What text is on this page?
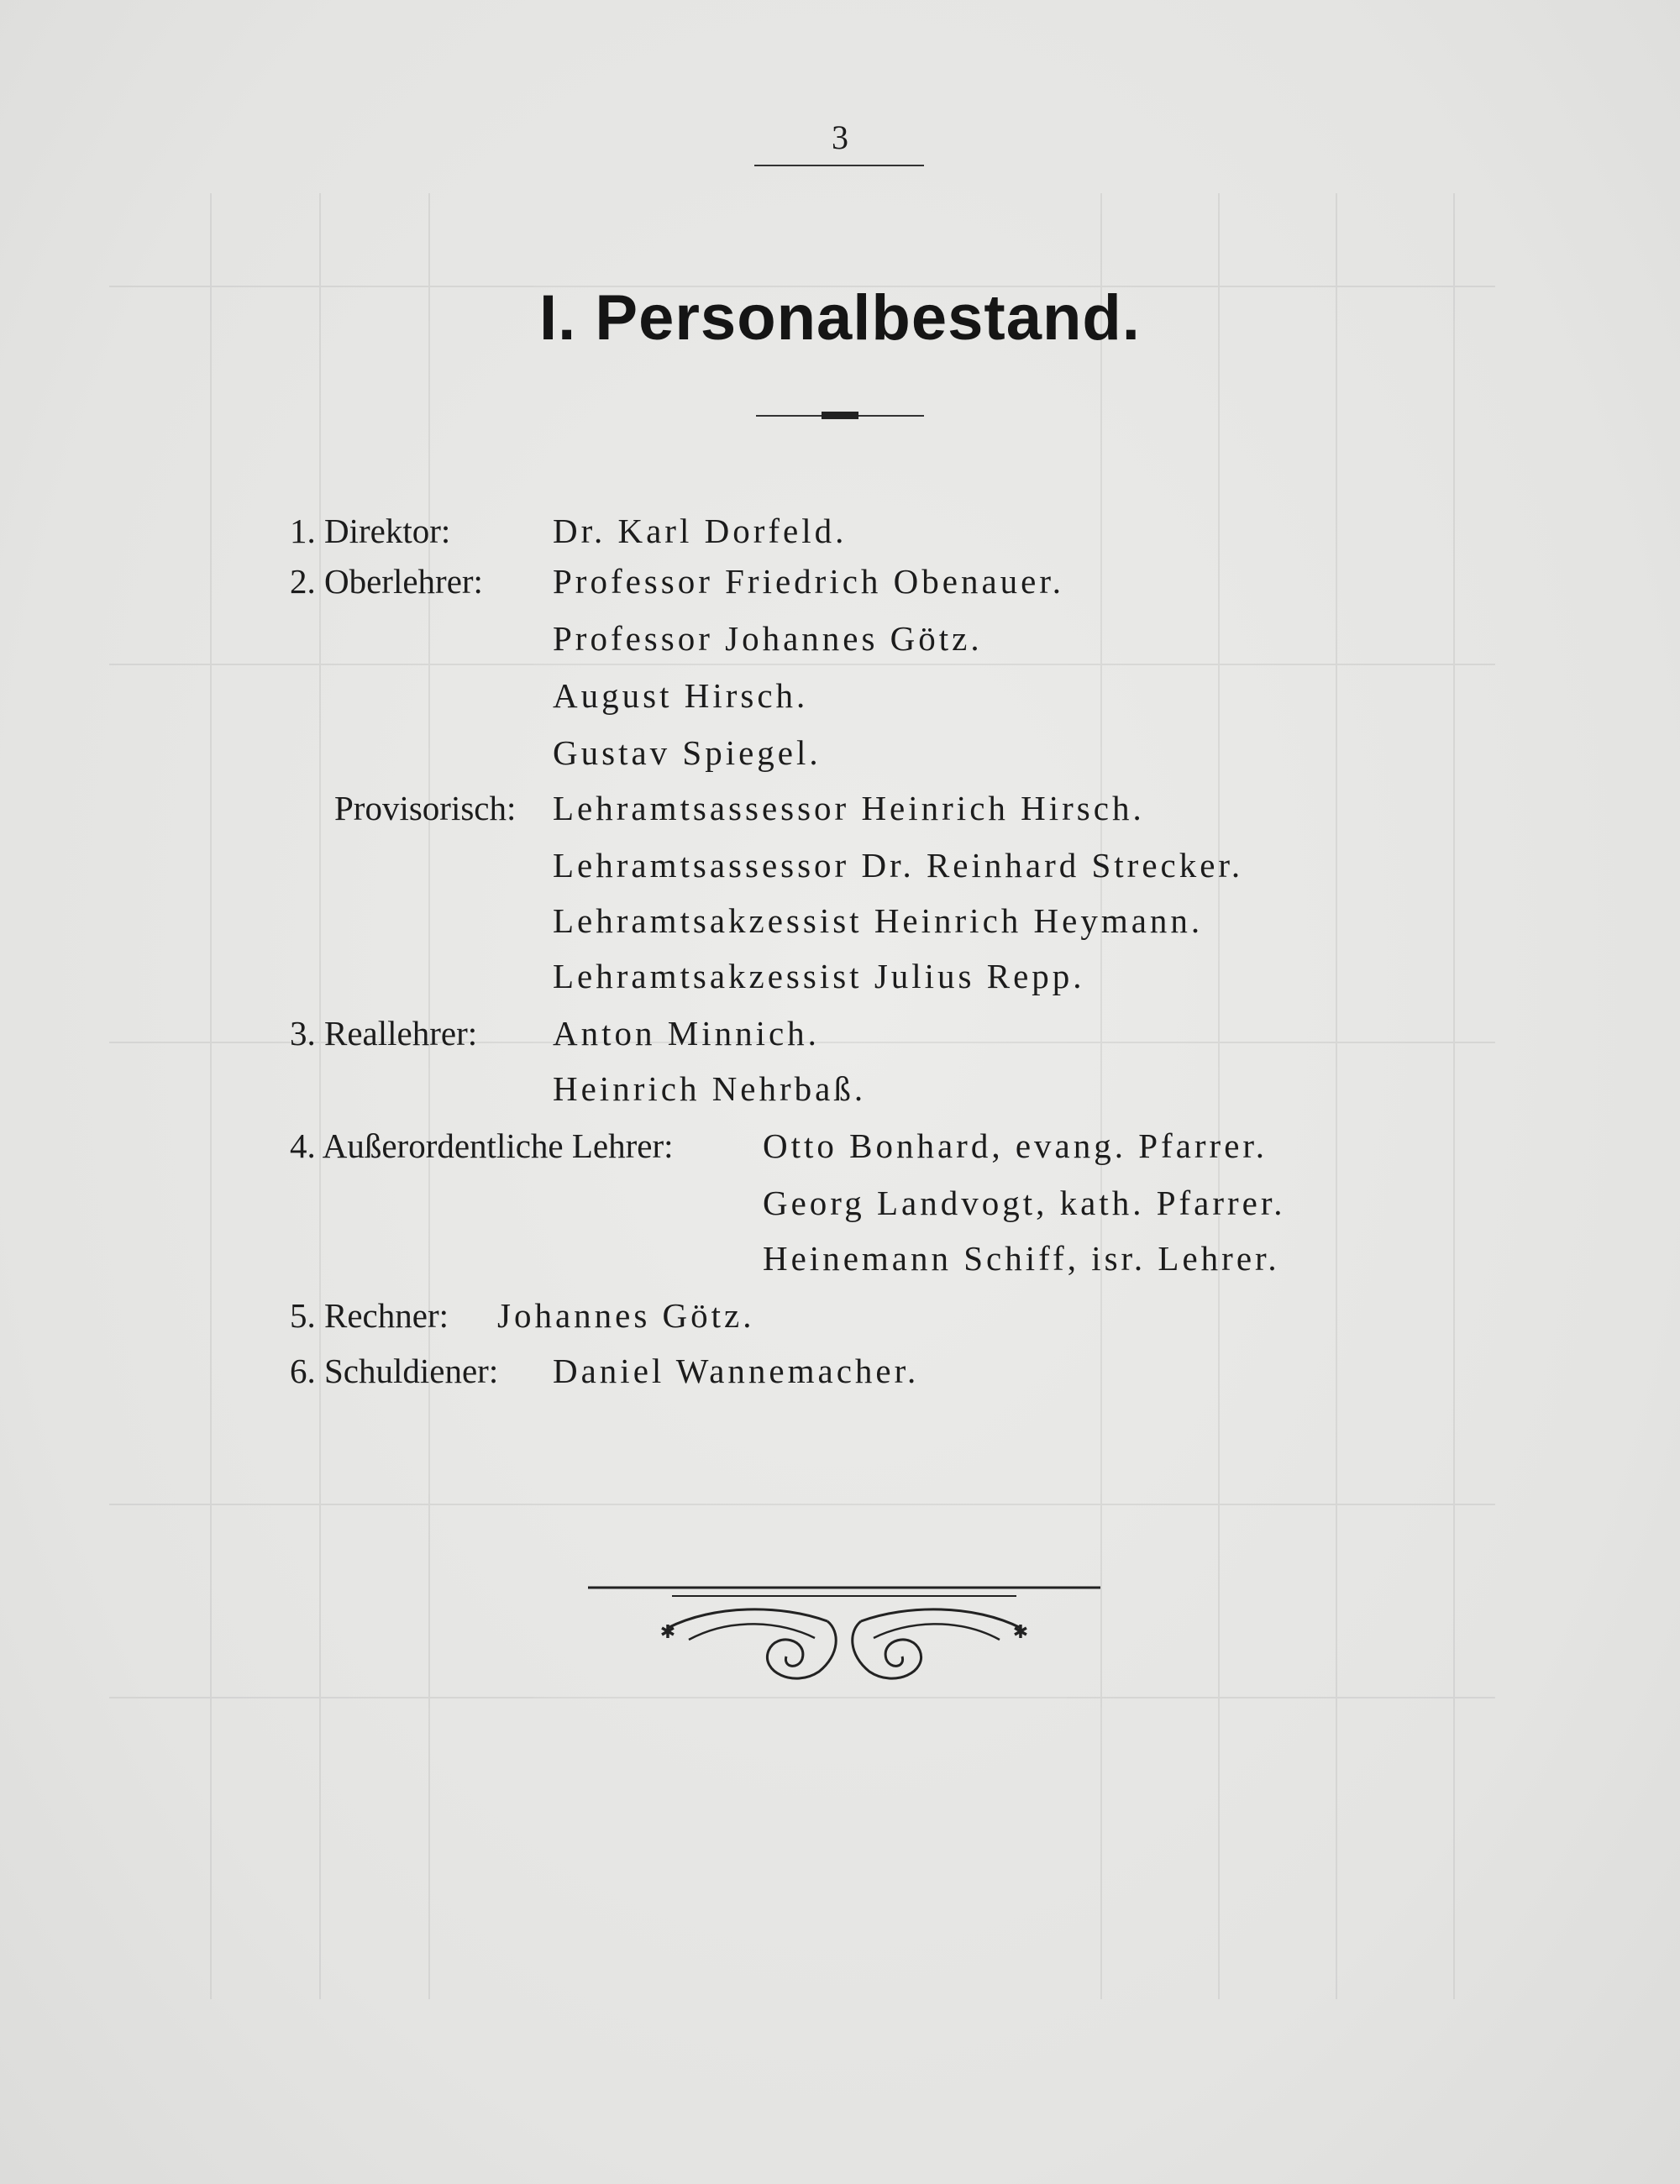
3
I. Personalbestand.
1. Direktor:	Dr. Karl Dorfeld.
2. Oberlehrer: Professor Friedrich Obenauer.
Professor Johannes Götz.
August Hirsch.
Gustav Spiegel.
Provisorisch: Lehramtsassessor Heinrich Hirsch.
Lehramtsassessor Dr. Reinhard Strecker.
Lehramtsakzessist Heinrich Heymann.
Lehramtsakzessist Julius Repp.
3. Reallehrer: Anton Minnich.
Heinrich Nehrbaß.
4. Außerordentliche Lehrer:	Otto Bonhard, evang. Pfarrer.
Georg Landvogt, kath. Pfarrer.
Heinemann Schiff, isr. Lehrer.
5. Rechner: Johannes Götz.
6. Schuldiener: Daniel Wannemacher.
✱	✱
